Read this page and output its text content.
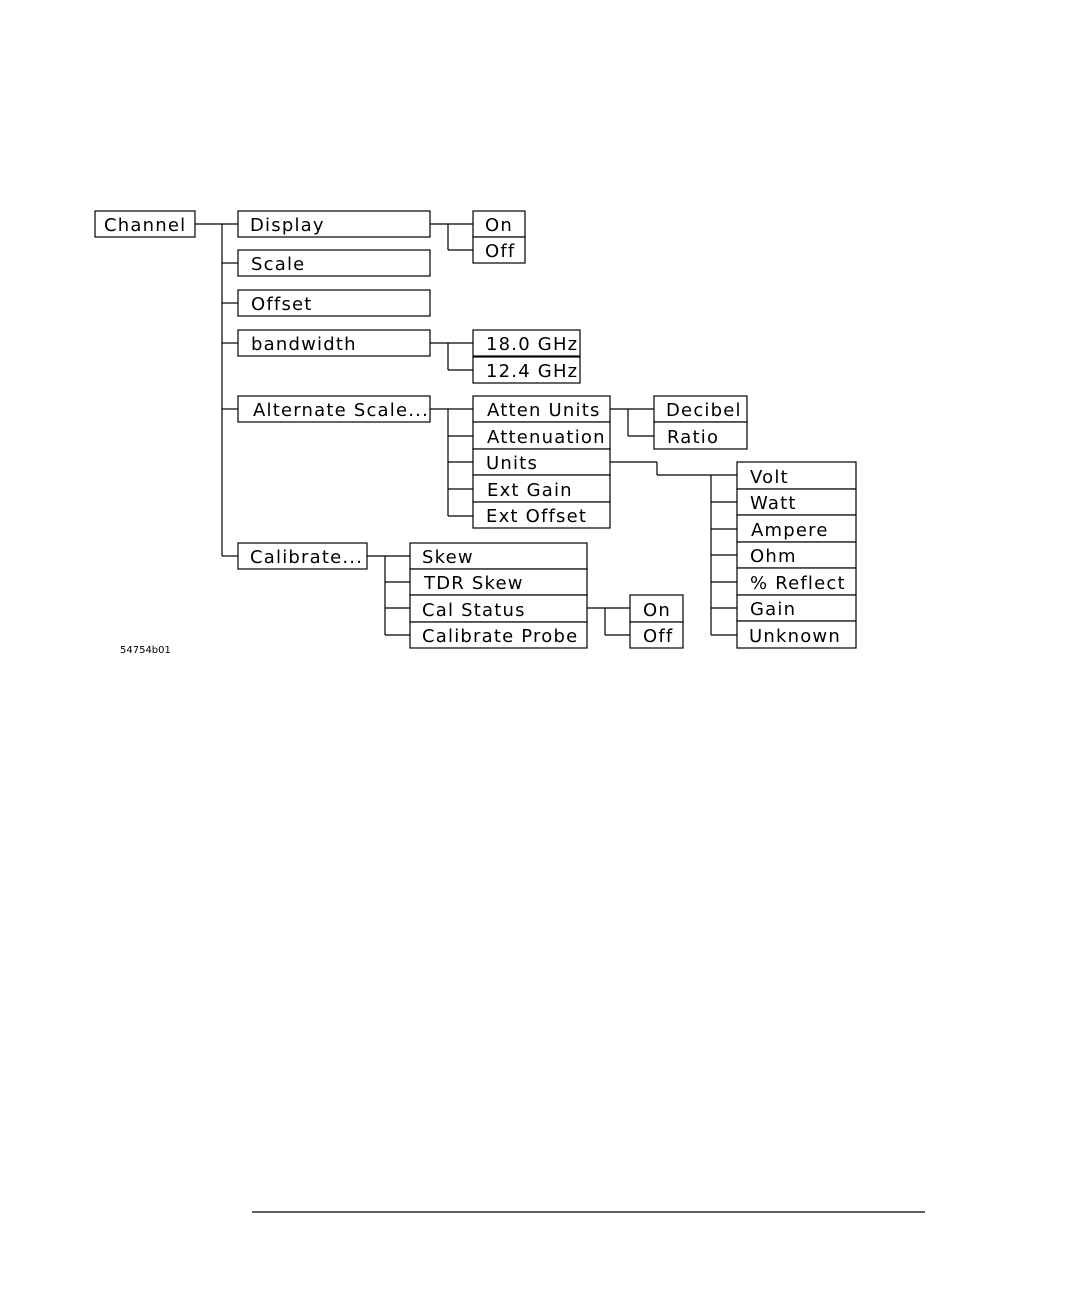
Channel	Display
Scale
Offset
bandwidth
Alternate Scale...
Calibrate...
On
Off
18.0 GHz
12.4 GHz
Atten Units
Attenuation
Units
Ext Gain
Ext Offset
Decibel
Ratio
Volt
Watt
Ampere
Ohm
% Reflect
Gain
Unknown
Skew
TDR Skew
Cal Status
Calibrate Probe
On
Off
54754b01
